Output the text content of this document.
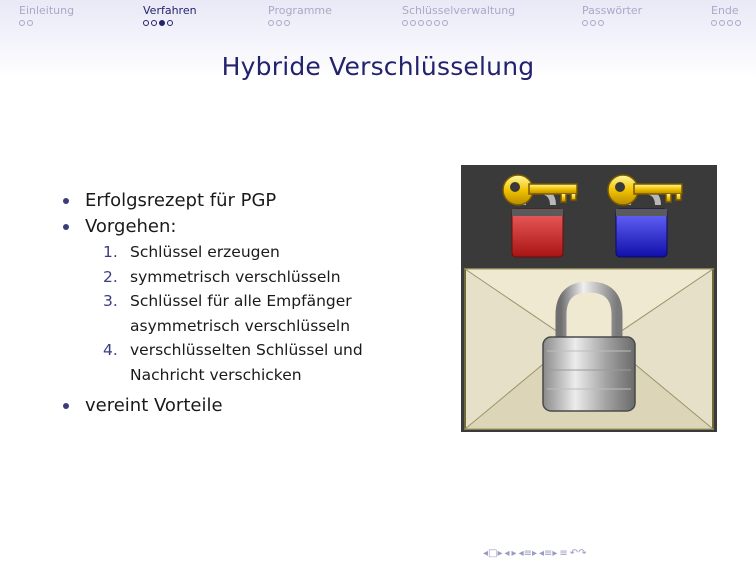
Einleitung	Verfahren	Programme	Schlüsselverwaltung	Passwörter	Ende
Hybride Verschlüsselung
Erfolgsrezept für PGP
Vorgehen:
1. Schlüssel erzeugen
2. symmetrisch verschlüsseln
3. Schlüssel für alle Empfänger
asymmetrisch verschlüsseln
4. verschlüsselten Schlüssel und
Nachricht verschicken
vereint Vorteile
◂□▸ ◂ ▸ ◂≡▸ ◂≡▸ ≡ ↶↷
